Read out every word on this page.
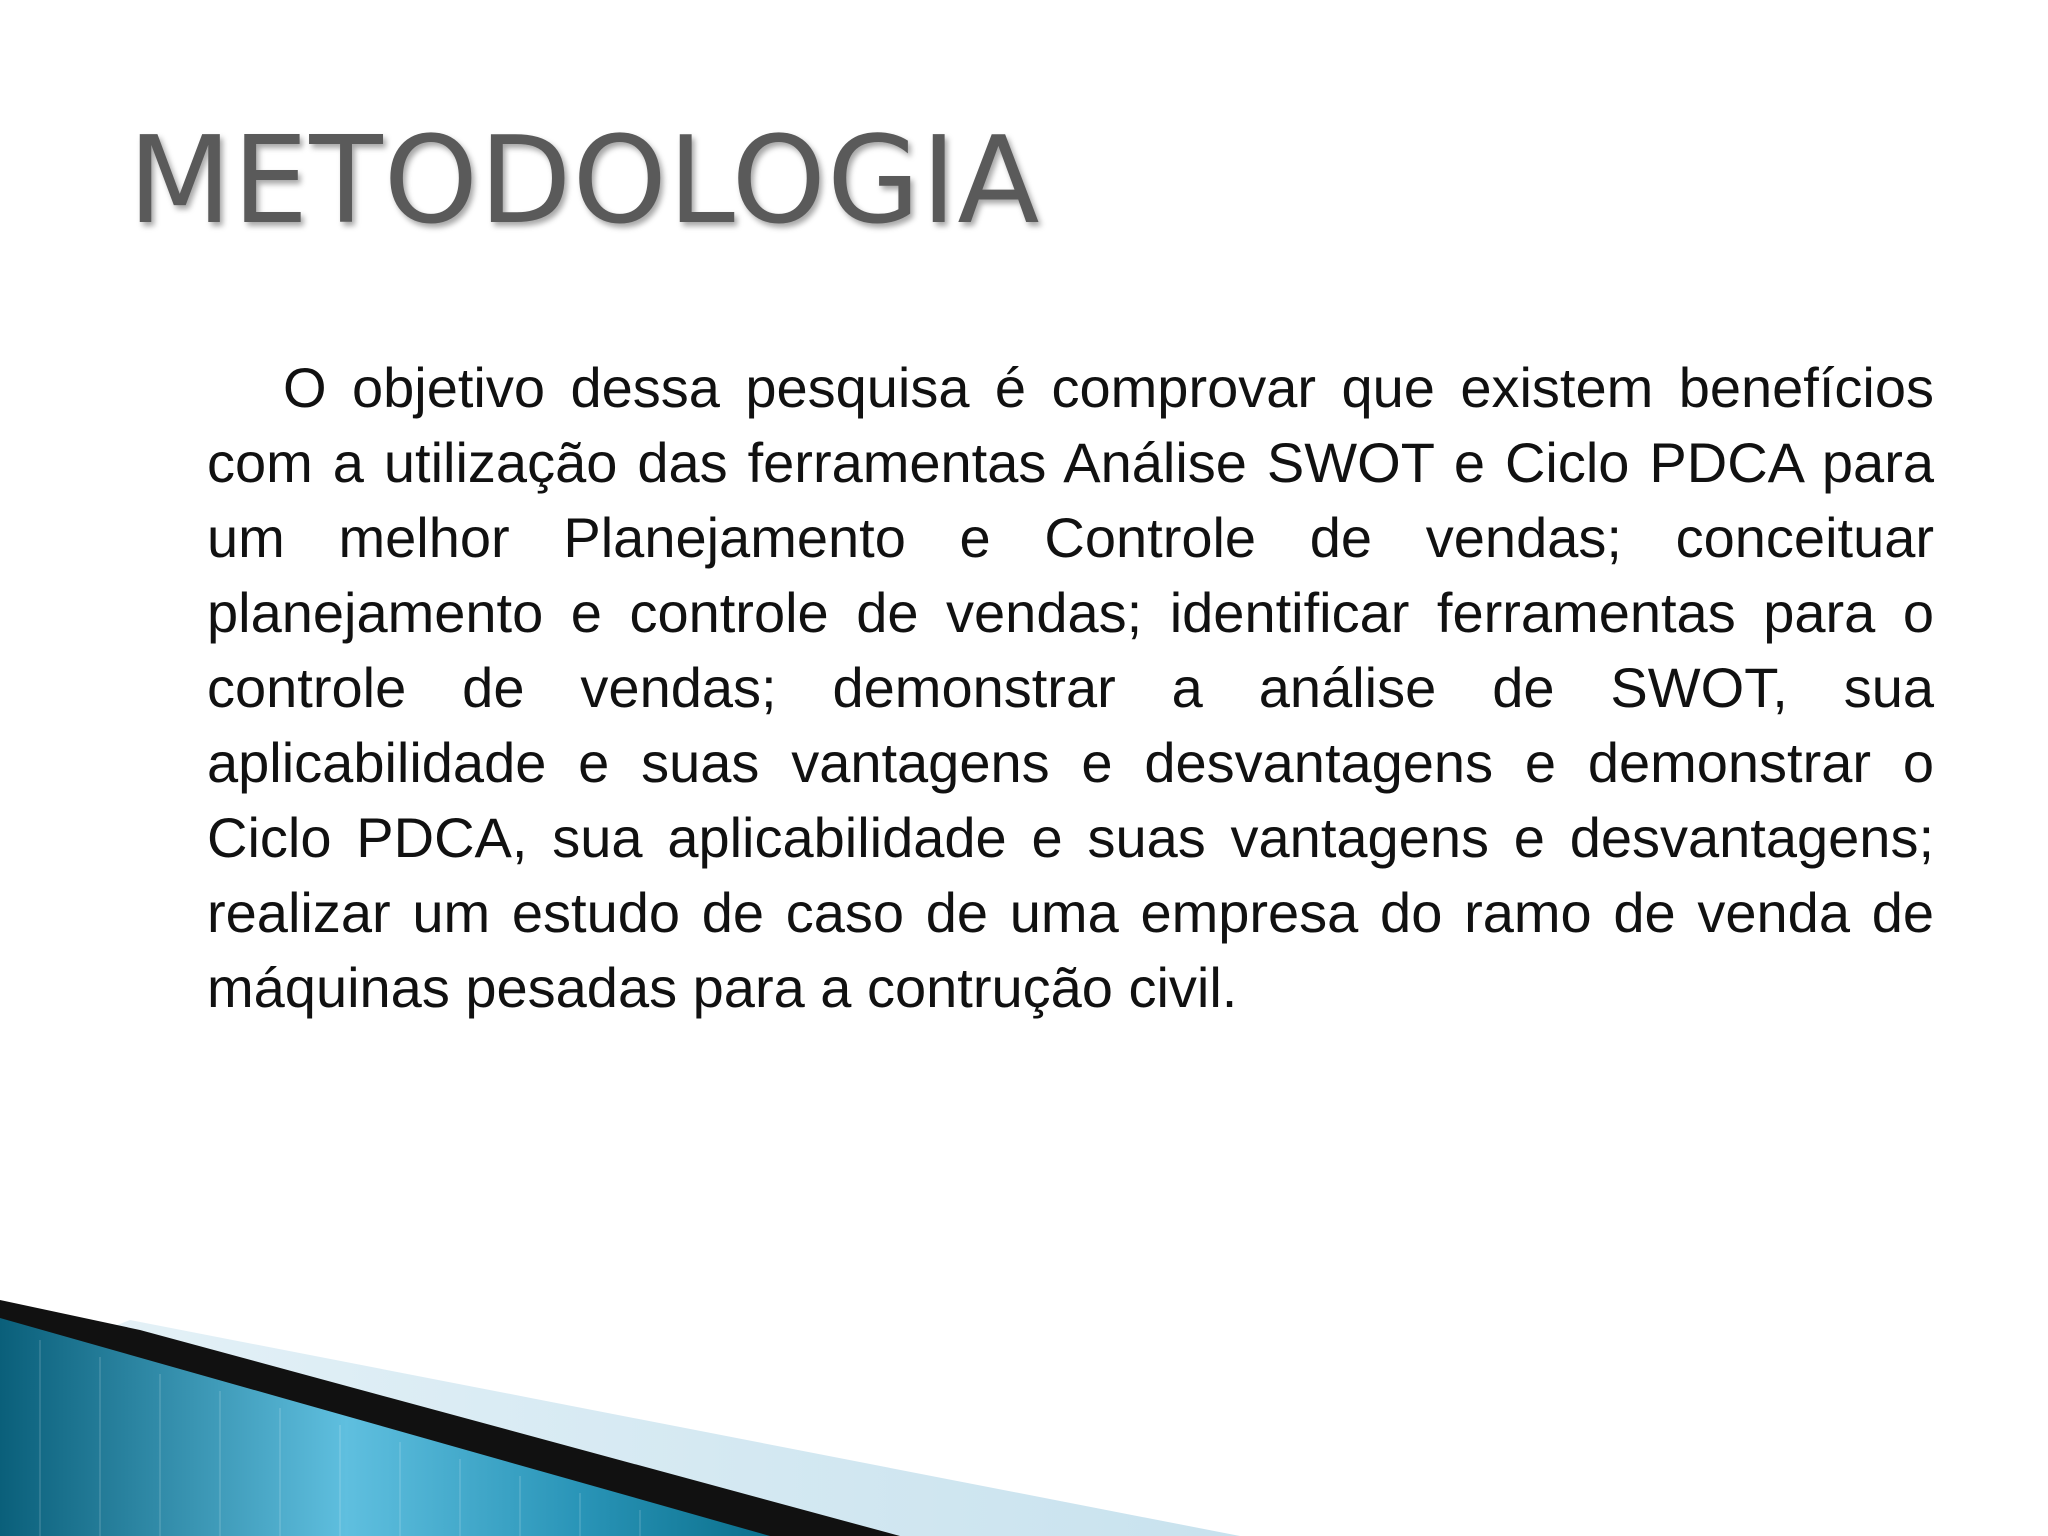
METODOLOGIA

O objetivo dessa pesquisa é comprovar que existem benefícios com a utilização das ferramentas Análise SWOT e Ciclo PDCA para um melhor Planejamento e Controle de vendas; conceituar planejamento e controle de vendas; identificar ferramentas para o controle de vendas; demonstrar a análise de SWOT, sua aplicabilidade e suas vantagens e desvantagens e demonstrar o Ciclo PDCA, sua aplicabilidade e suas vantagens e desvantagens; realizar um estudo de caso de uma empresa do ramo de venda de máquinas pesadas para a contrução civil.
